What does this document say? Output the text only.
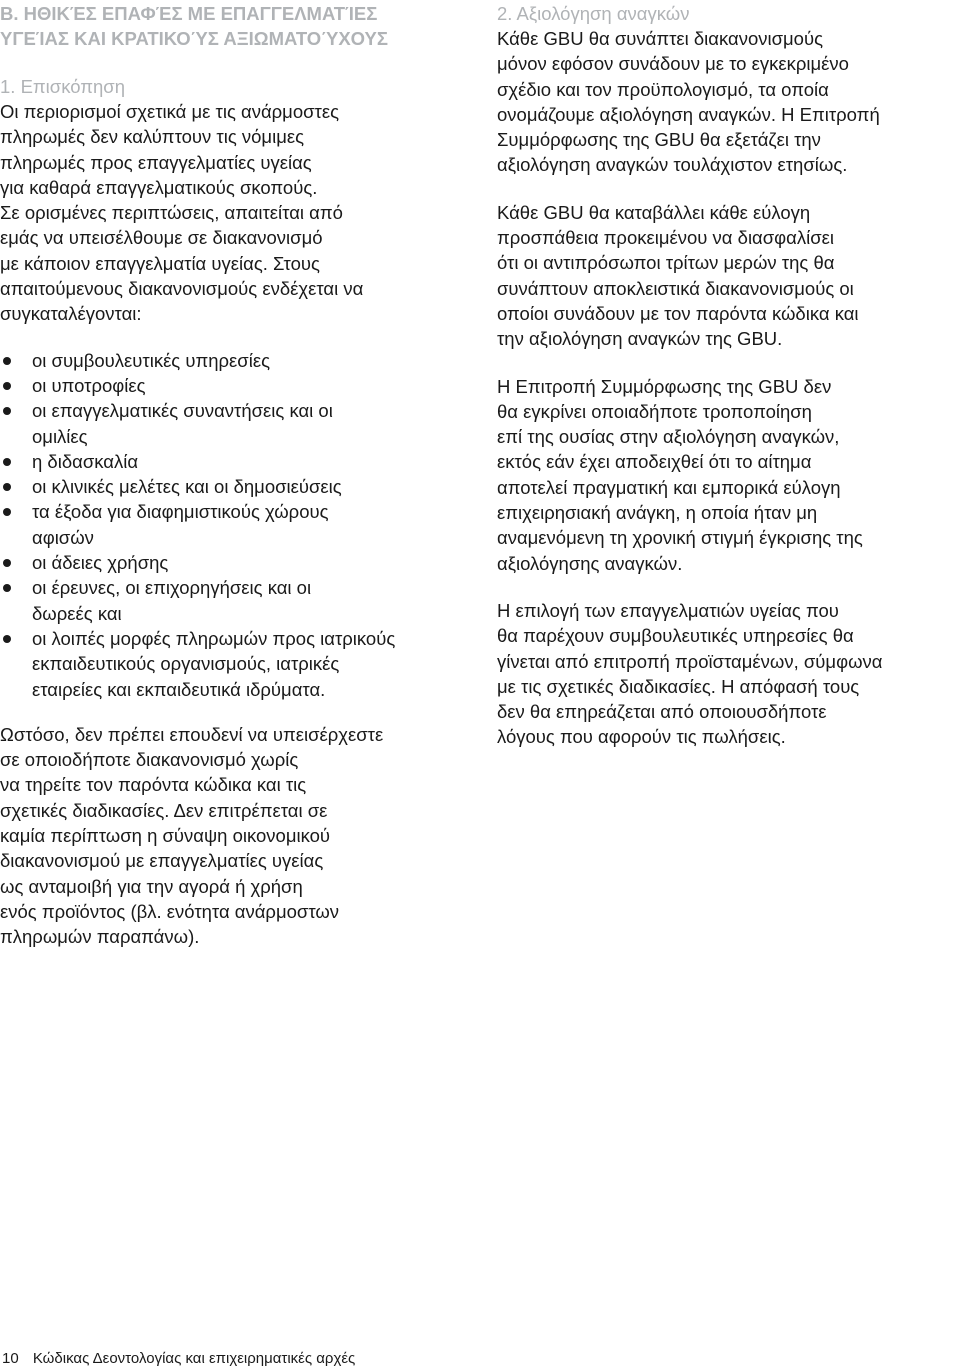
Β. ΗΘΙΚΈΣ ΕΠΑΦΈΣ ΜΕ ΕΠΑΓΓΕΛΜΑΤΊΕΣ
ΥΓΕΊΑΣ ΚΑΙ ΚΡΑΤΙΚΟΎΣ ΑΞΙΩΜΑΤΟΎΧΟΥΣ
1. Επισκόπηση

Οι περιορισμοί σχετικά με τις ανάρμοστες
πληρωμές δεν καλύπτουν τις νόμιμες
πληρωμές προς επαγγελματίες υγείας
για καθαρά επαγγελματικούς σκοπούς.
Σε ορισμένες περιπτώσεις, απαιτείται από
εμάς να υπεισέλθουμε σε διακανονισμό
με κάποιον επαγγελματία υγείας. Στους
απαιτούμενους διακανονισμούς ενδέχεται να
συγκαταλέγονται:

οι συμβουλευτικές υπηρεσίες
οι υποτροφίες
οι επαγγελματικές συναντήσεις και οι
ομιλίες
η διδασκαλία
οι κλινικές μελέτες και οι δημοσιεύσεις
τα έξοδα για διαφημιστικούς χώρους
αφισών
οι άδειες χρήσης
οι έρευνες, οι επιχορηγήσεις και οι
δωρεές και
οι λοιπές μορφές πληρωμών προς ιατρικούς
εκπαιδευτικούς οργανισμούς, ιατρικές
εταιρείες και εκπαιδευτικά ιδρύματα.

Ωστόσο, δεν πρέπει επουδενί να υπεισέρχεστε
σε οποιοδήποτε διακανονισμό χωρίς
να τηρείτε τον παρόντα κώδικα και τις
σχετικές διαδικασίες. Δεν επιτρέπεται σε
καμία περίπτωση η σύναψη οικονομικού
διακανονισμού με επαγγελματίες υγείας
ως ανταμοιβή για την αγορά ή χρήση
ενός προϊόντος (βλ. ενότητα ανάρμοστων
πληρωμών παραπάνω).

2. Αξιολόγηση αναγκών

Κάθε GBU θα συνάπτει διακανονισμούς
μόνον εφόσον συνάδουν με το εγκεκριμένο
σχέδιο και τον προϋπολογισμό, τα οποία
ονομάζουμε αξιολόγηση αναγκών. Η Επιτροπή
Συμμόρφωσης της GBU θα εξετάζει την
αξιολόγηση αναγκών τουλάχιστον ετησίως.

Κάθε GBU θα καταβάλλει κάθε εύλογη
προσπάθεια προκειμένου να διασφαλίσει
ότι οι αντιπρόσωποι τρίτων μερών της θα
συνάπτουν αποκλειστικά διακανονισμούς οι
οποίοι συνάδουν με τον παρόντα κώδικα και
την αξιολόγηση αναγκών της GBU.

Η Επιτροπή Συμμόρφωσης της GBU δεν
θα εγκρίνει οποιαδήποτε τροποποίηση
επί της ουσίας στην αξιολόγηση αναγκών,
εκτός εάν έχει αποδειχθεί ότι το αίτημα
αποτελεί πραγματική και εμπορικά εύλογη
επιχειρησιακή ανάγκη, η οποία ήταν μη
αναμενόμενη τη χρονική στιγμή έγκρισης της
αξιολόγησης αναγκών.

Η επιλογή των επαγγελματιών υγείας που
θα παρέχουν συμβουλευτικές υπηρεσίες θα
γίνεται από επιτροπή προϊσταμένων, σύμφωνα
με τις σχετικές διαδικασίες. Η απόφασή τους
δεν θα επηρεάζεται από οποιουσδήποτε
λόγους που αφορούν τις πωλήσεις.

10 Κώδικας Δεοντολογίας και επιχειρηματικές αρχές
